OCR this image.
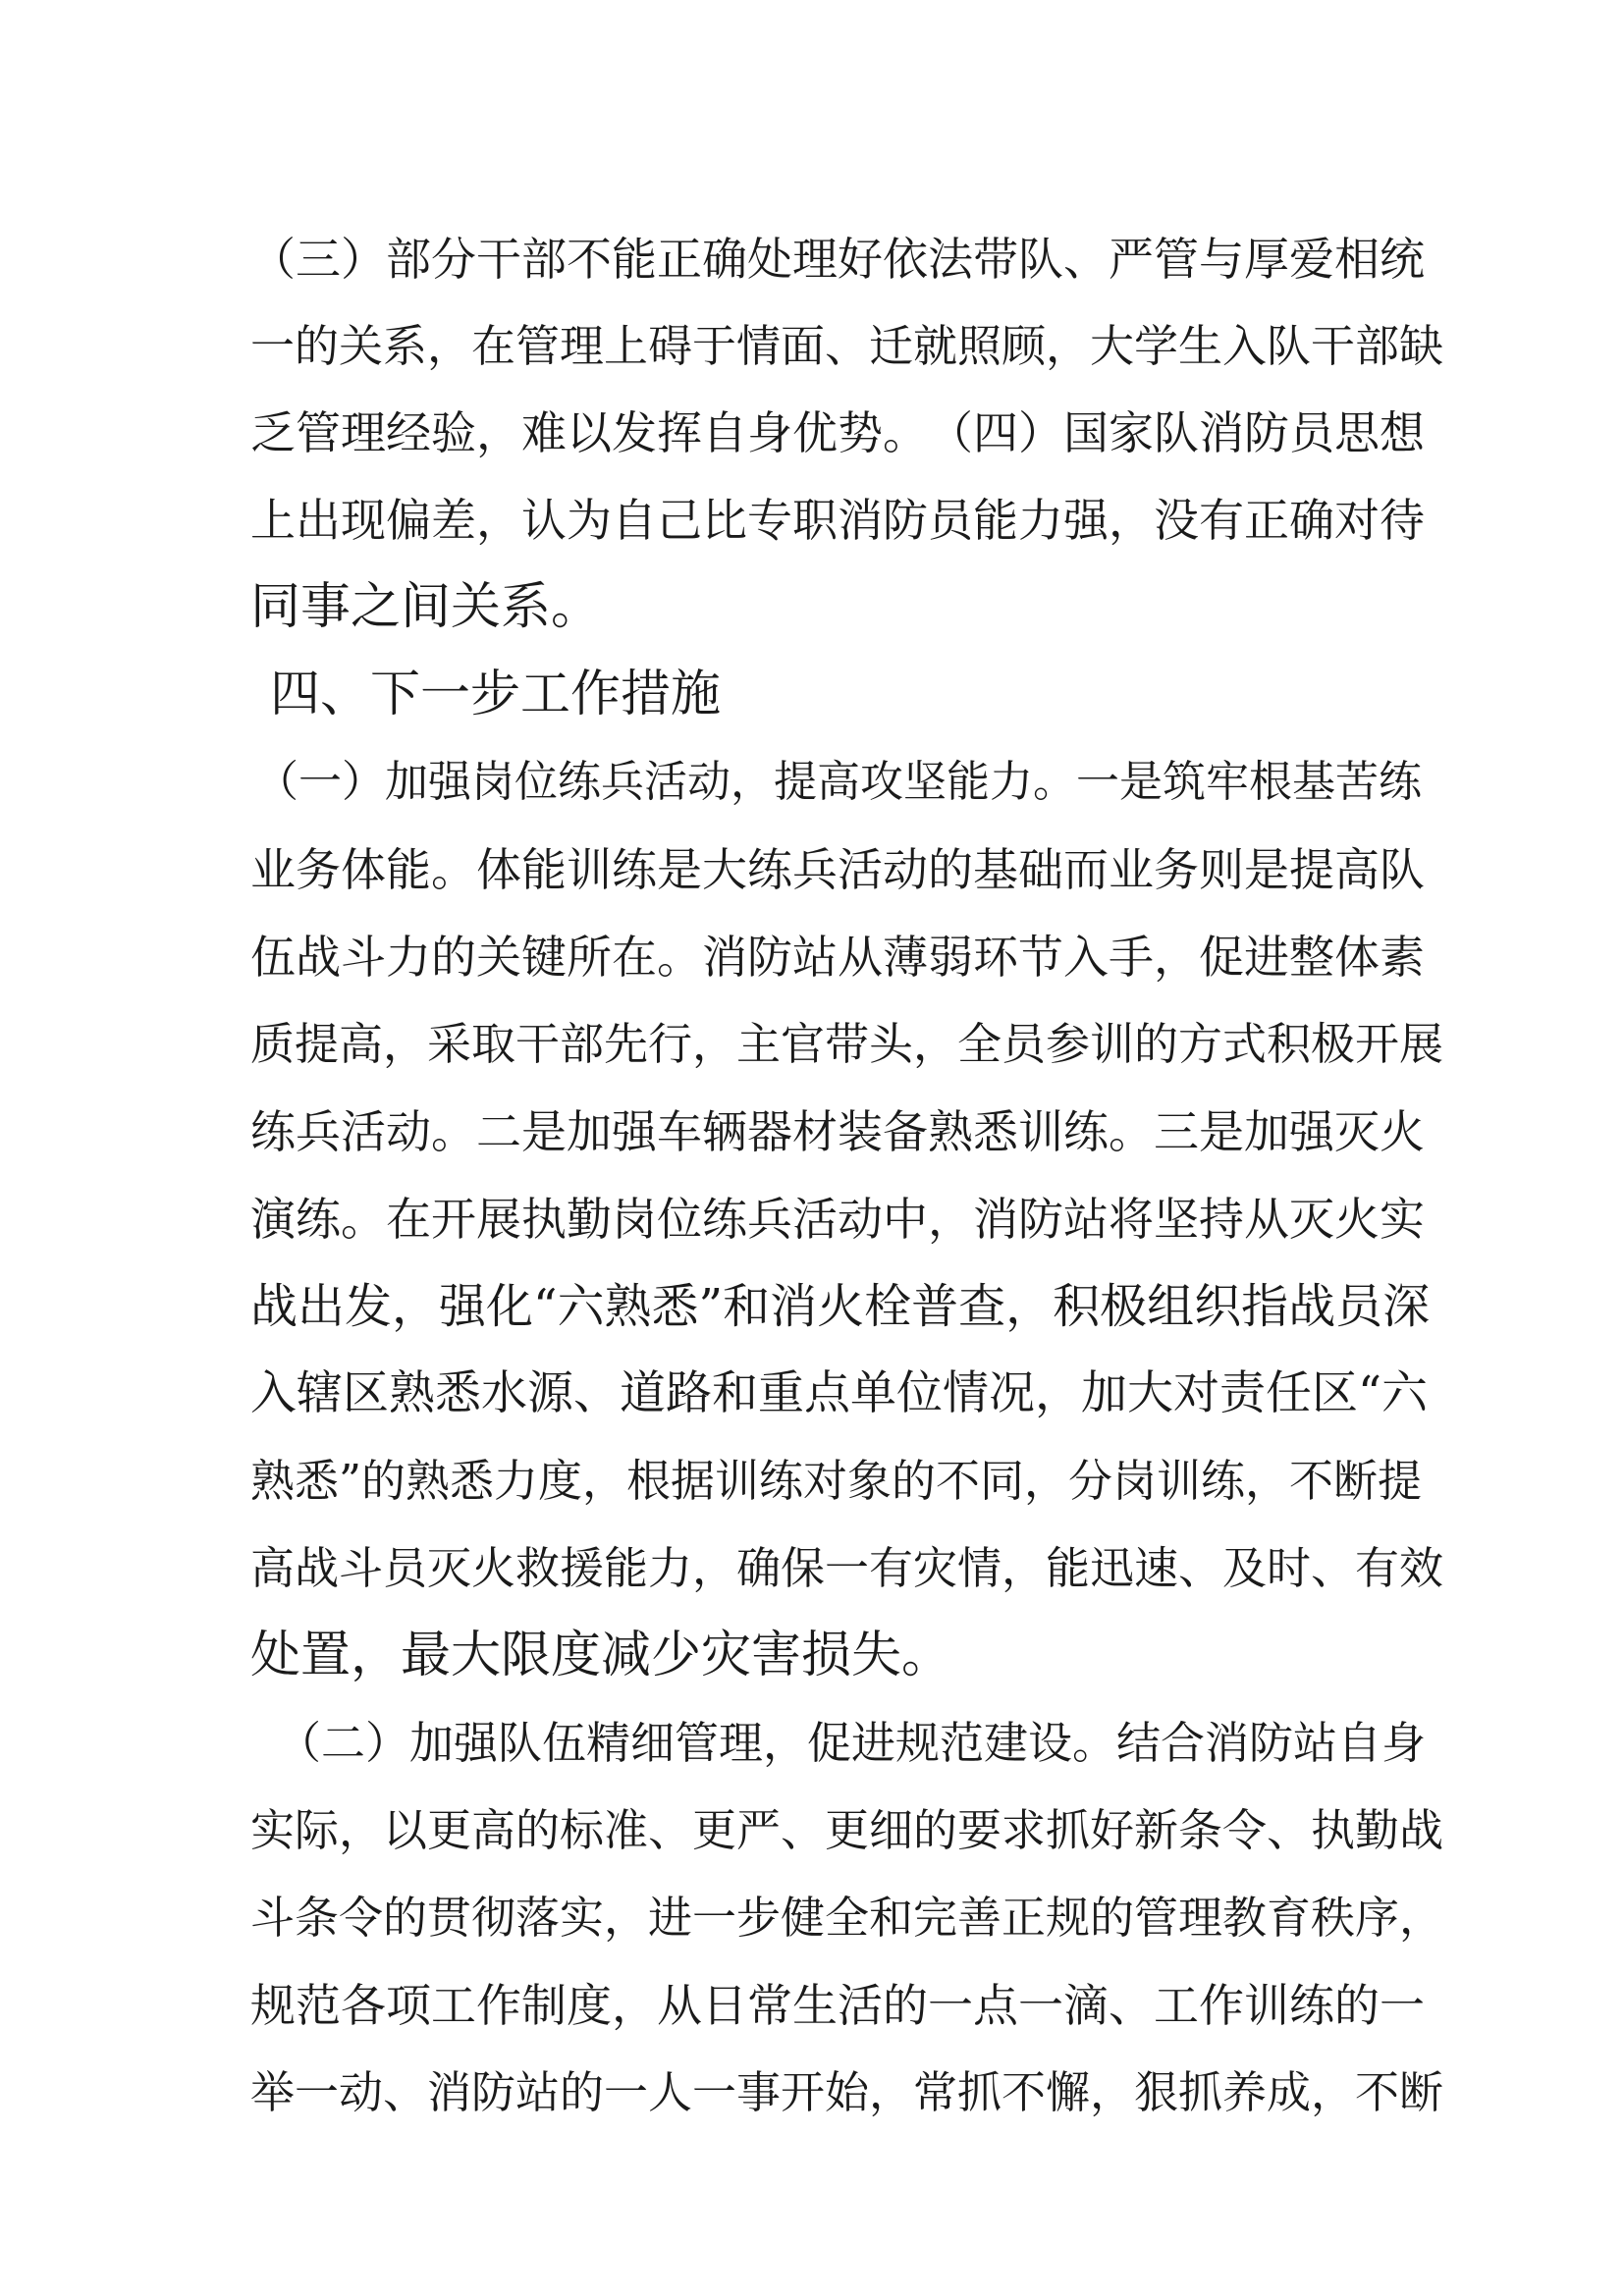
（三）部分干部不能正确处理好依法带队、严管与厚爱相统
一的关系，在管理上碍于情面、迁就照顾，大学生入队干部缺
乏管理经验，难以发挥自身优势。　（四）国家队消防员思想
上出现偏差，认为自己比专职消防员能力强，没有正确对待
同事之间关系。
四、下一步工作措施
（一）加强岗位练兵活动，提高攻坚能力。一是筑牢根基苦练
业务体能。体能训练是大练兵活动的基础而业务则是提高队
伍战斗力的关键所在。消防站从薄弱环节入手，促进整体素
质提高，采取干部先行，主官带头，全员参训的方式积极开展
练兵活动。二是加强车辆器材装备熟悉训练。三是加强灭火
演练。在开展执勤岗位练兵活动中，消防站将坚持从灭火实
战出发，强化“六熟悉”和消火栓普查，积极组织指战员深
入辖区熟悉水源、道路和重点单位情况，加大对责任区“六
熟悉”的熟悉力度，根据训练对象的不同，分岗训练，不断提
高战斗员灭火救援能力，确保一有灾情，能迅速、及时、有效
处置，最大限度减少灾害损失。
（二）加强队伍精细管理，促进规范建设。结合消防站自身
实际，以更高的标准、更严、更细的要求抓好新条令、执勤战
斗条令的贯彻落实，进一步健全和完善正规的管理教育秩序，
规范各项工作制度，从日常生活的一点一滴、工作训练的一
举一动、消防站的一人一事开始，常抓不懈，狠抓养成，不断
